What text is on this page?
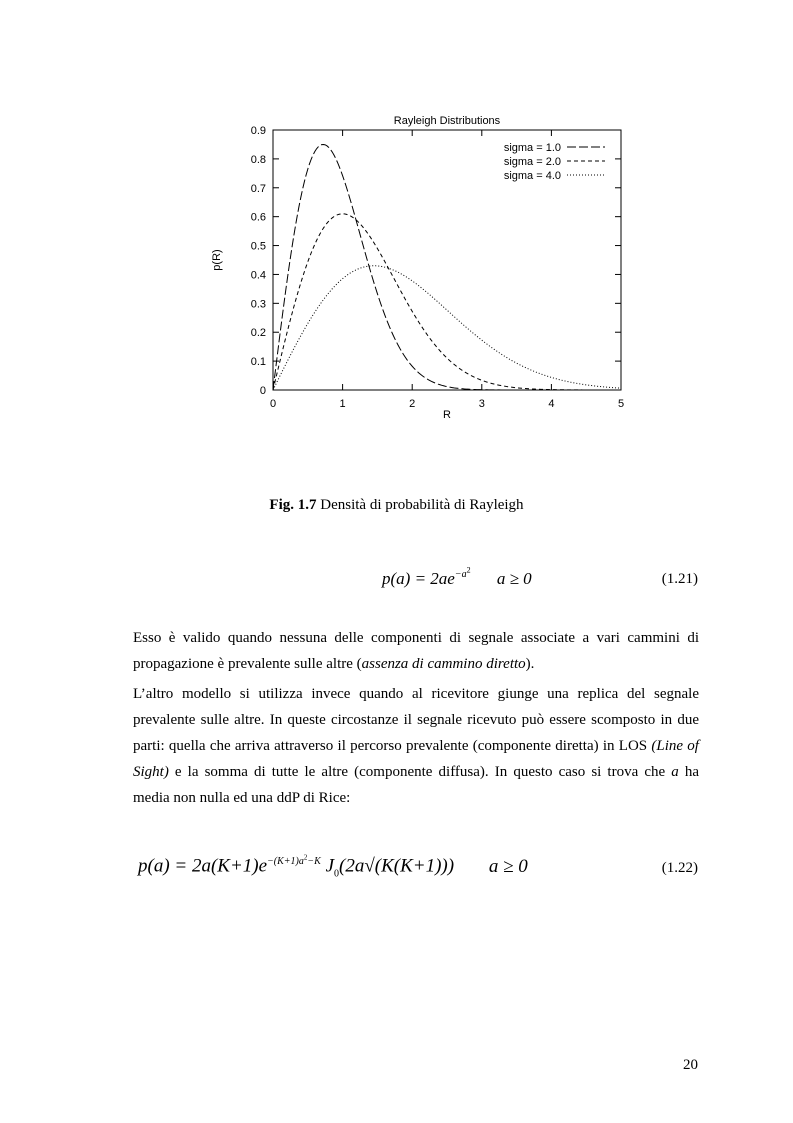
Rayleigh Distributions
0	1	2	3	4	5
0
0.1
0.2
0.3
0.4
0.5
0.6
0.7
0.8
0.9
R
p(R)
sigma = 1.0
sigma = 2.0
sigma = 4.0
Fig. 1.7 Densità di probabilità di Rayleigh
$p(a) = 2ae^{-a^2}$ a ≥ 0	(1.21)
Esso è valido quando nessuna delle componenti di segnale associate a vari cammini di propagazione è prevalente sulle altre (assenza di cammino diretto).
L’altro modello si utilizza invece quando al ricevitore giunge una replica del segnale prevalente sulle altre. In queste circostanze il segnale ricevuto può essere scomposto in due parti: quella che arriva attraverso il percorso prevalente (componente diretta) in LOS (Line of Sight) e la somma di tutte le altre (componente diffusa). In questo caso si trova che a ha media non nulla ed una ddP di Rice:
$p(a) = 2a(K+1)e^{-(K+1)a^2-K}$ $J_0(2a√(K(K+1))) a \ge 0$	(1.22)
20
